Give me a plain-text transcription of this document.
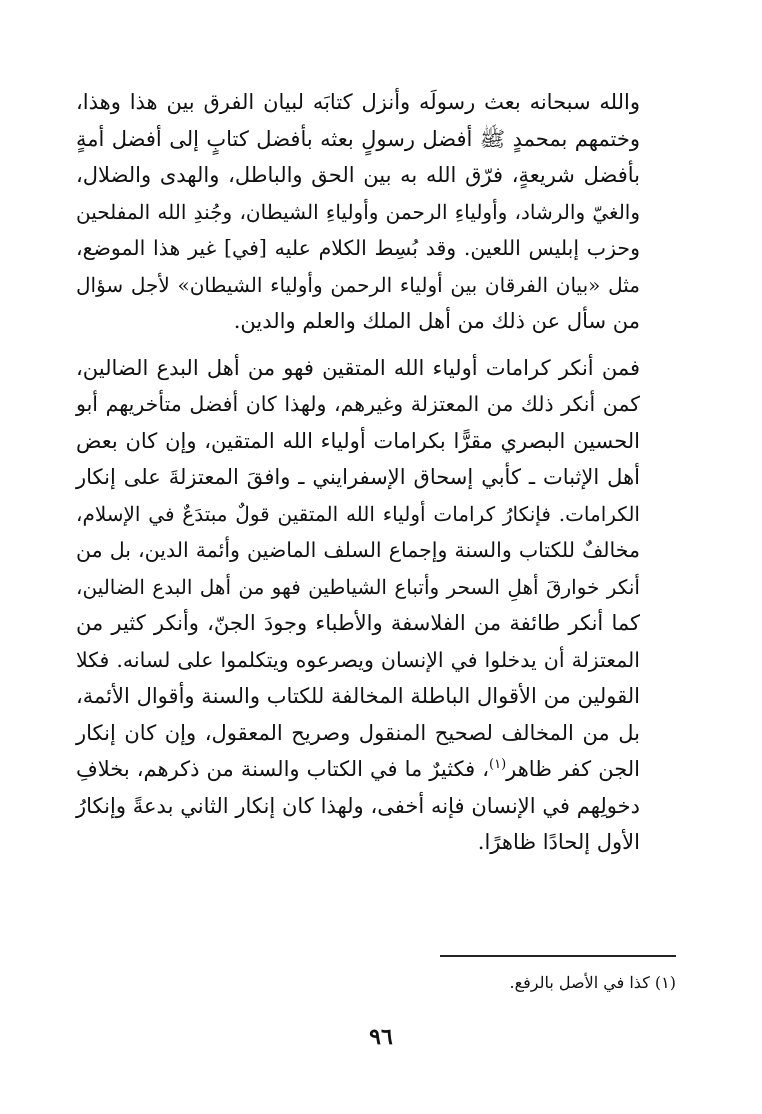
والله سبحانه بعث رسولَه وأنزل كتابَه لبيان الفرق بين هذا وهذا،
وختمهم بمحمدٍ ﷺ أفضل رسولٍ بعثه بأفضل كتابٍ إلى أفضل أمةٍ
بأفضل شريعةٍ، فرّق الله به بين الحق والباطل، والهدى والضلال،
والغيّ والرشاد، وأولياءِ الرحمن وأولياءِ الشيطان، وجُندِ الله المفلحين
وحزب إبليس اللعين. وقد بُسِط الكلام عليه [في] غير هذا الموضع،
مثل «بيان الفرقان بين أولياء الرحمن وأولياء الشيطان» لأجل سؤال
من سأل عن ذلك من أهل الملك والعلم والدين.

فمن أنكر كرامات أولياء الله المتقين فهو من أهل البدع الضالين،
كمن أنكر ذلك من المعتزلة وغيرهم، ولهذا كان أفضل متأخريهم أبو
الحسين البصري مقرًّا بكرامات أولياء الله المتقين، وإن كان بعض
أهل الإثبات ـ كأبي إسحاق الإسفرايني ـ وافقَ المعتزلةَ على إنكار
الكرامات. فإنكارُ كرامات أولياء الله المتقين قولٌ مبتدَعٌ في الإسلام،
مخالفٌ للكتاب والسنة وإجماع السلف الماضين وأئمة الدين، بل من
أنكر خوارقَ أهلِ السحر وأتباع الشياطين فهو من أهل البدع الضالين،
كما أنكر طائفة من الفلاسفة والأطباء وجودَ الجنّ، وأنكر كثير من
المعتزلة أن يدخلوا في الإنسان ويصرعوه ويتكلموا على لسانه. فكلا
القولين من الأقوال الباطلة المخالفة للكتاب والسنة وأقوال الأئمة،
بل من المخالف لصحيح المنقول وصريح المعقول، وإن كان إنكار
الجن كفر ظاهر$^{(١)}$، فكثيرٌ ما في الكتاب والسنة من ذكرهم، بخلافِ
دخولِهم في الإنسان فإنه أخفى، ولهذا كان إنكار الثاني بدعةً وإنكارُ
الأول إلحادًا ظاهرًا.

(١) كذا في الأصل بالرفع.
٩٦
